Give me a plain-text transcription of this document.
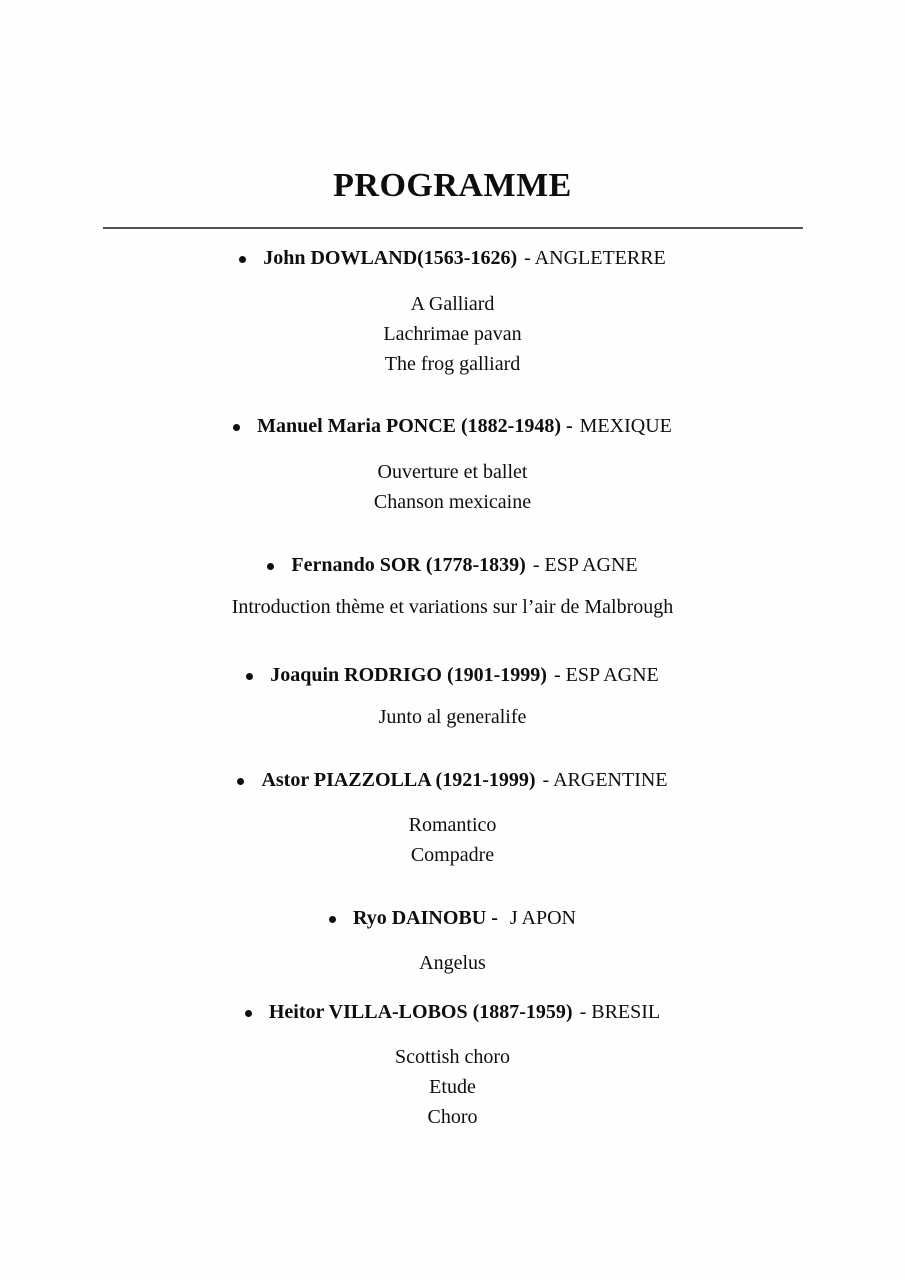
PROGRAMME
John DOWLAND(1563-1626) - ANGLETERRE
A Galliard
Lachrimae pavan
The frog galliard
Manuel Maria PONCE (1882-1948) - MEXIQUE
Ouverture et ballet
Chanson mexicaine
Fernando SOR (1778-1839) - ESP AGNE
Introduction thème et variations sur l’air de Malbrough
Joaquin RODRIGO (1901-1999) - ESP AGNE
Junto al generalife
Astor PIAZZOLLA (1921-1999) - ARGENTINE
Romantico
Compadre
Ryo DAINOBU - J APON
Angelus
Heitor VILLA-LOBOS (1887-1959) - BRESIL
Scottish choro
Etude
Choro
